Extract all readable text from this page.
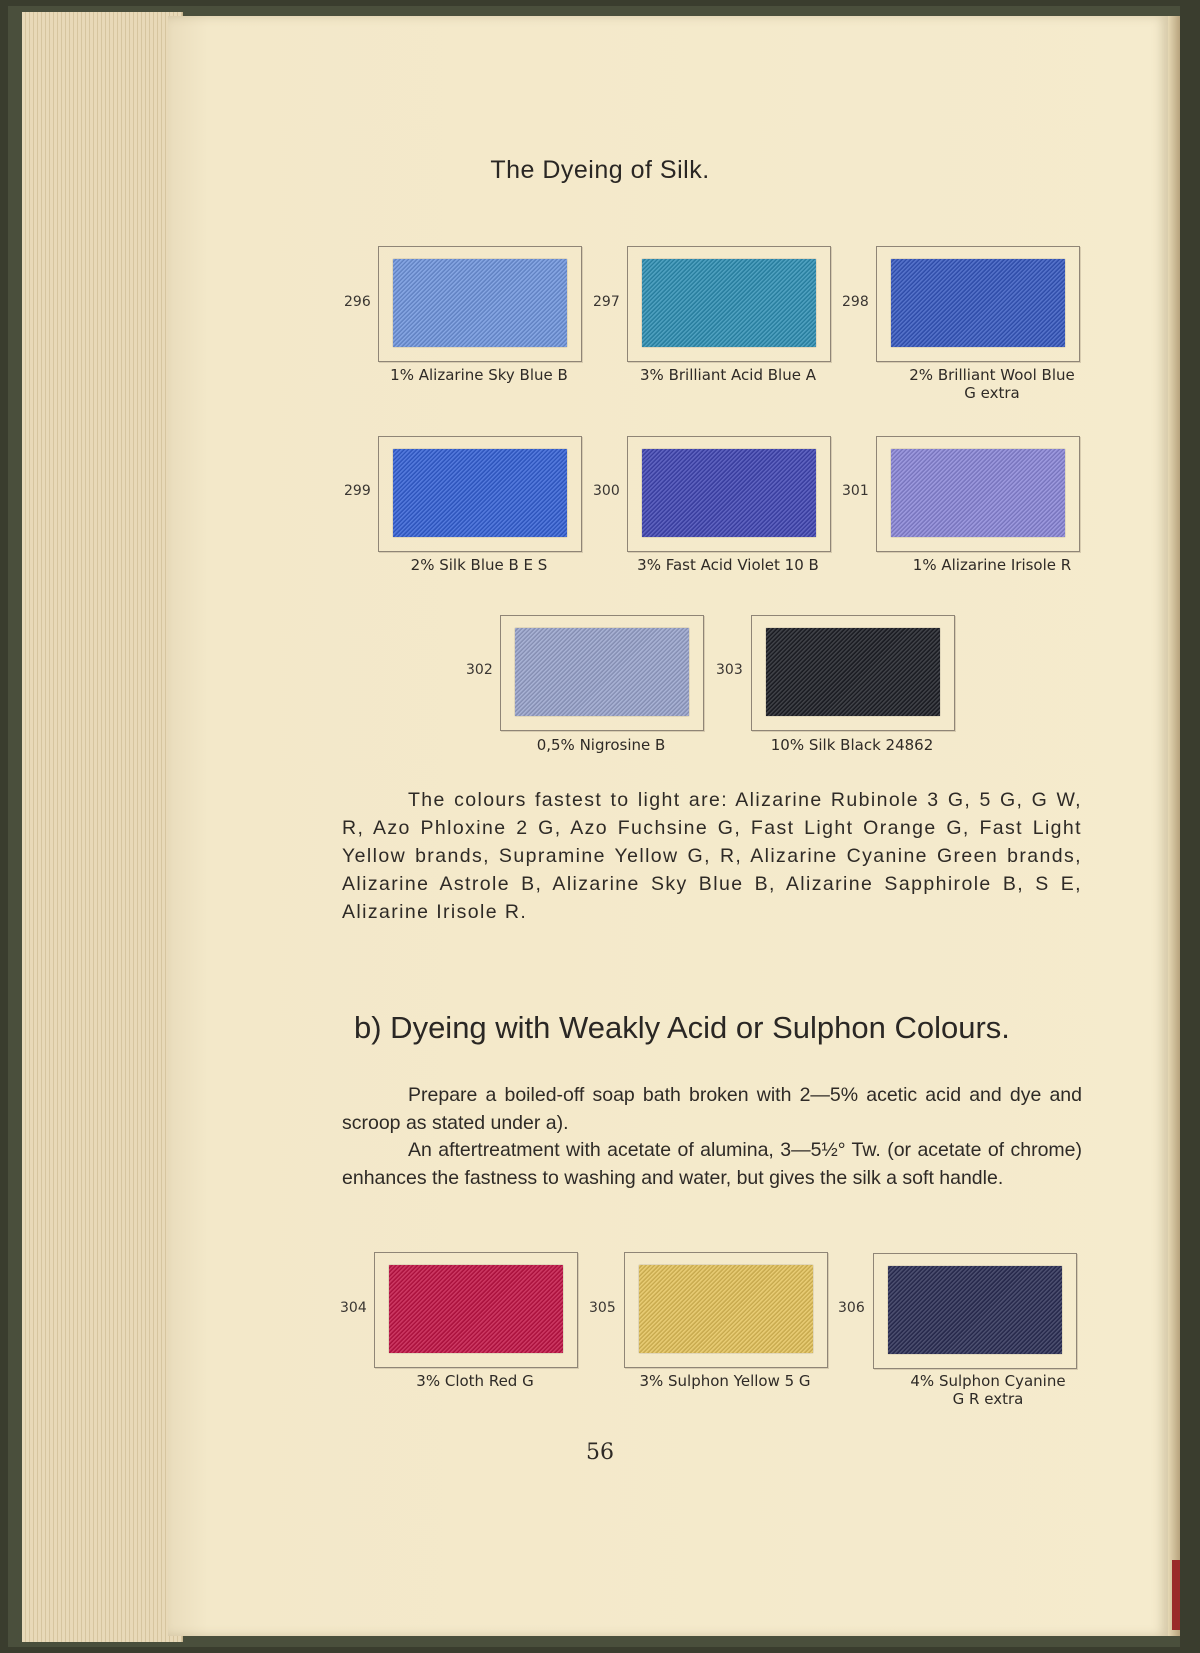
The Dyeing of Silk.
296
1% Alizarine Sky Blue B
297
3% Brilliant Acid Blue A
298
2% Brilliant Wool Blue
G extra
299
2% Silk Blue B E S
300
3% Fast Acid Violet 10 B
301
1% Alizarine Irisole R
302
0,5% Nigrosine B
303
10% Silk Black 24862
The colours fastest to light are: Alizarine Rubinole 3 G, 5 G, G W, R, Azo Phloxine 2 G, Azo Fuchsine G, Fast Light Orange G, Fast Light Yellow brands, Supramine Yellow G, R, Alizarine Cyanine Green brands, Alizarine Astrole B, Alizarine Sky Blue B, Alizarine Sapphirole B, S E, Alizarine Irisole R.
b) Dyeing with Weakly Acid or Sulphon Colours.
Prepare a boiled-off soap bath broken with 2—5% acetic acid and dye and scroop as stated under a).
An aftertreatment with acetate of alumina, 3—5½° Tw. (or acetate of chrome) enhances the fastness to washing and water, but gives the silk a soft handle.
304
3% Cloth Red G
305
3% Sulphon Yellow 5 G
306
4% Sulphon Cyanine
G R extra
56
